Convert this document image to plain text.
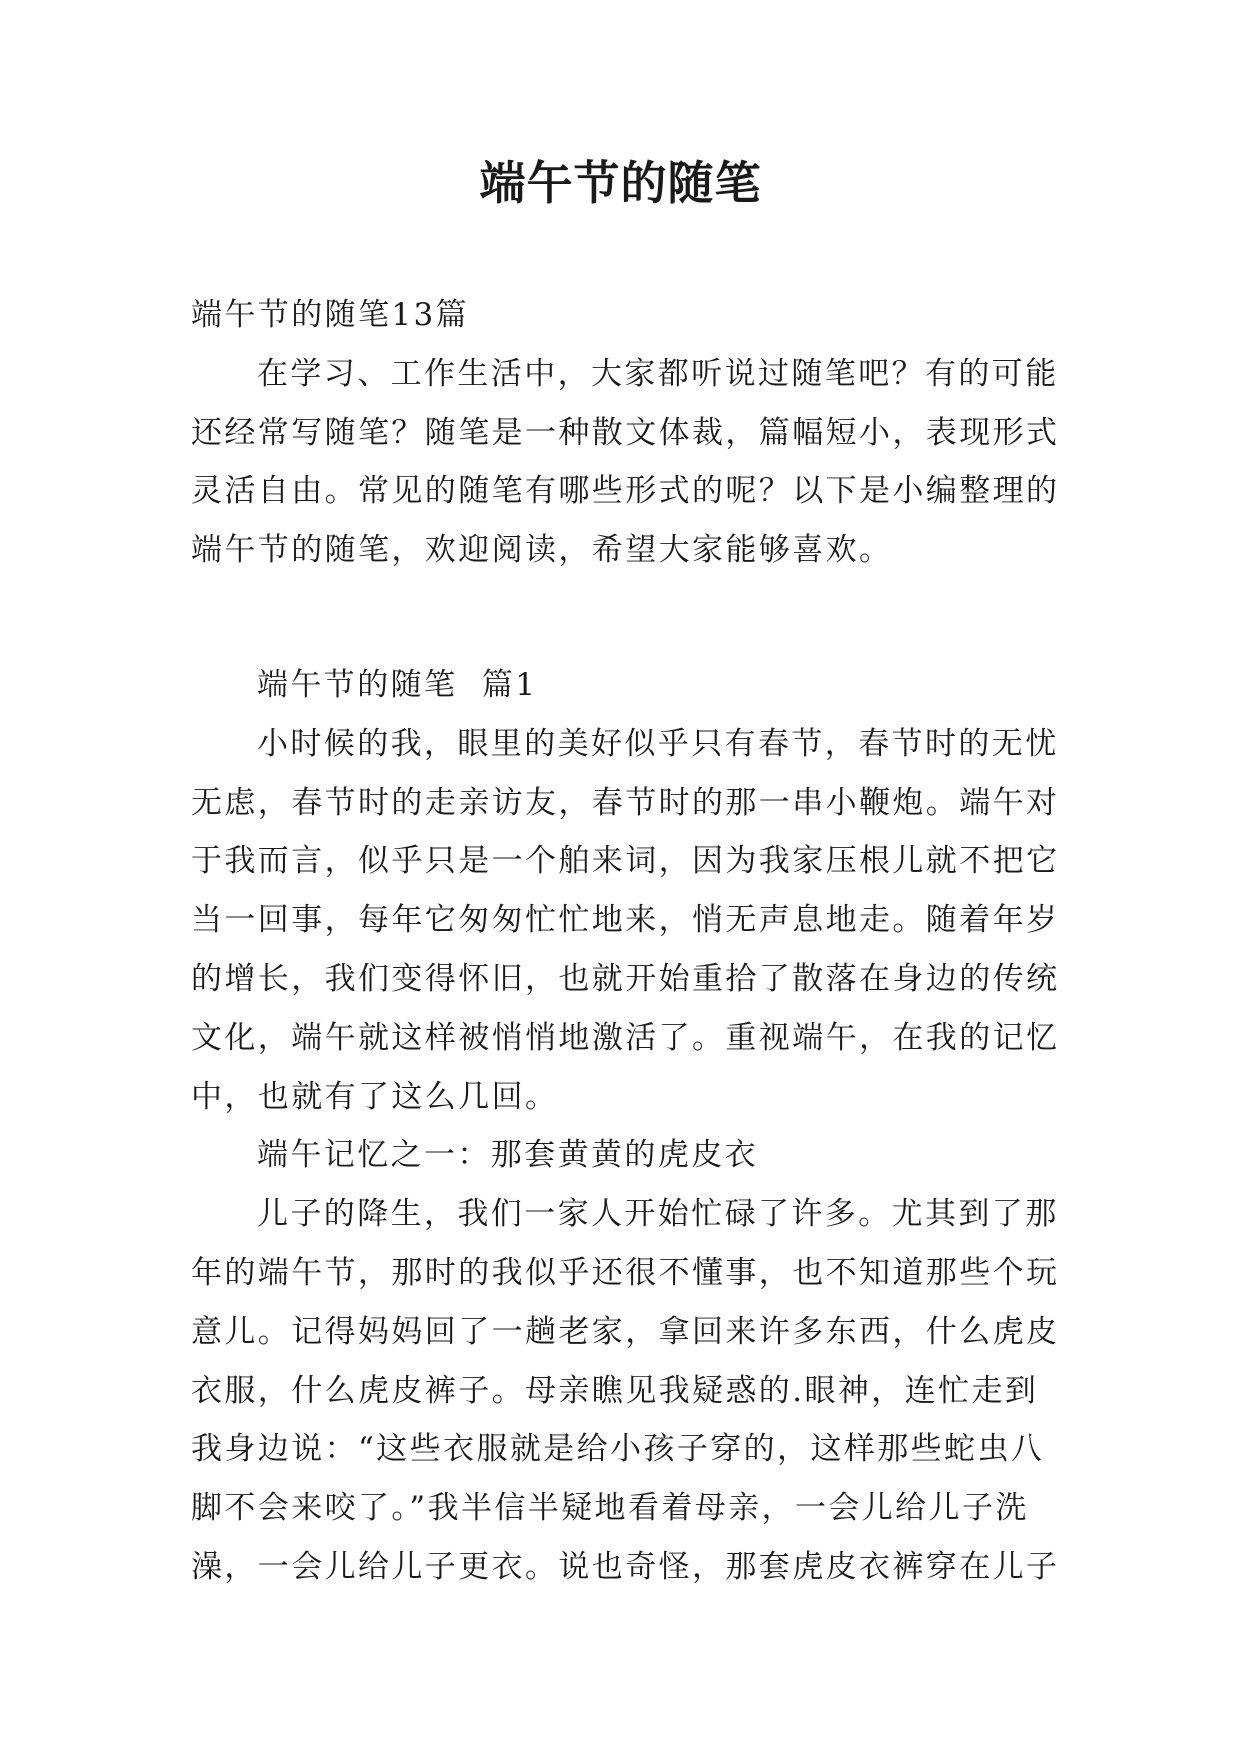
端午节的随笔

端午节的随笔13篇

在学习、工作生活中，大家都听说过随笔吧？有的可能

还经常写随笔？随笔是一种散文体裁，篇幅短小，表现形式

灵活自由。常见的随笔有哪些形式的呢？以下是小编整理的

端午节的随笔，欢迎阅读，希望大家能够喜欢。

端午节的随笔  篇1

小时候的我，眼里的美好似乎只有春节，春节时的无忧

无虑，春节时的走亲访友，春节时的那一串小鞭炮。端午对

于我而言，似乎只是一个舶来词，因为我家压根儿就不把它

当一回事，每年它匆匆忙忙地来，悄无声息地走。随着年岁

的增长，我们变得怀旧，也就开始重拾了散落在身边的传统

文化，端午就这样被悄悄地激活了。重视端午，在我的记忆

中，也就有了这么几回。

端午记忆之一：那套黄黄的虎皮衣

儿子的降生，我们一家人开始忙碌了许多。尤其到了那

年的端午节，那时的我似乎还很不懂事，也不知道那些个玩

意儿。记得妈妈回了一趟老家，拿回来许多东西，什么虎皮

衣服，什么虎皮裤子。母亲瞧见我疑惑的.眼神，连忙走到

我身边说：“这些衣服就是给小孩子穿的，这样那些蛇虫八

脚不会来咬了。”我半信半疑地看着母亲，一会儿给儿子洗

澡，一会儿给儿子更衣。说也奇怪，那套虎皮衣裤穿在儿子
